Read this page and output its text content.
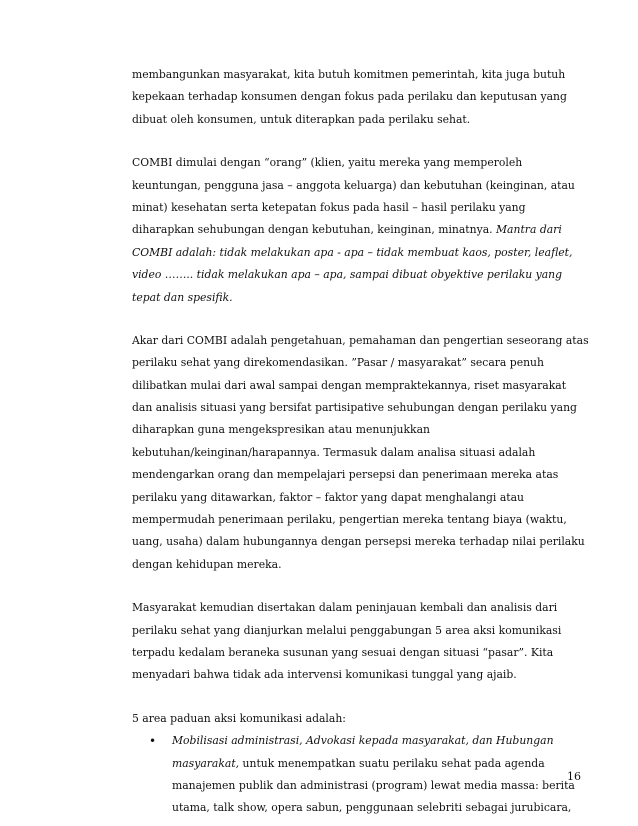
membangunkan masyarakat, kita butuh komitmen pemerintah, kita juga butuh
kepekaan terhadap konsumen dengan fokus pada perilaku dan keputusan yang
dibuat oleh konsumen, untuk diterapkan pada perilaku sehat.
COMBI dimulai dengan “orang” (klien, yaitu mereka yang memperoleh
keuntungan, pengguna jasa – anggota keluarga) dan kebutuhan (keinginan, atau
minat) kesehatan serta ketepatan fokus pada hasil – hasil perilaku yang
diharapkan sehubungan dengan kebutuhan, keinginan, minatnya. Mantra dari
COMBI adalah: tidak melakukan apa - apa – tidak membuat kaos, poster, leaflet,
video …….. tidak melakukan apa – apa, sampai dibuat obyektive perilaku yang
tepat dan spesifik.
Akar dari COMBI adalah pengetahuan, pemahaman dan pengertian seseorang atas
perilaku sehat yang direkomendasikan. ”Pasar / masyarakat” secara penuh
dilibatkan mulai dari awal sampai dengan mempraktekannya, riset masyarakat
dan analisis situasi yang bersifat partisipative sehubungan dengan perilaku yang
diharapkan guna mengekspresikan atau menunjukkan
kebutuhan/keinginan/harapannya. Termasuk dalam analisa situasi adalah
mendengarkan orang dan mempelajari persepsi dan penerimaan mereka atas
perilaku yang ditawarkan, faktor – faktor yang dapat menghalangi atau
mempermudah penerimaan perilaku, pengertian mereka tentang biaya (waktu,
uang, usaha) dalam hubungannya dengan persepsi mereka terhadap nilai perilaku
dengan kehidupan mereka.
Masyarakat kemudian disertakan dalam peninjauan kembali dan analisis dari
perilaku sehat yang dianjurkan melalui penggabungan 5 area aksi komunikasi
terpadu kedalam beraneka susunan yang sesuai dengan situasi “pasar”. Kita
menyadari bahwa tidak ada intervensi komunikasi tunggal yang ajaib.
5 area paduan aksi komunikasi adalah:
• Mobilisasi administrasi, Advokasi kepada masyarakat, dan Hubungan
masyarakat, untuk menempatkan suatu perilaku sehat pada agenda
manajemen publik dan administrasi (program) lewat media massa: berita
utama, talk show, opera sabun, penggunaan selebriti sebagai jurubicara,
16
